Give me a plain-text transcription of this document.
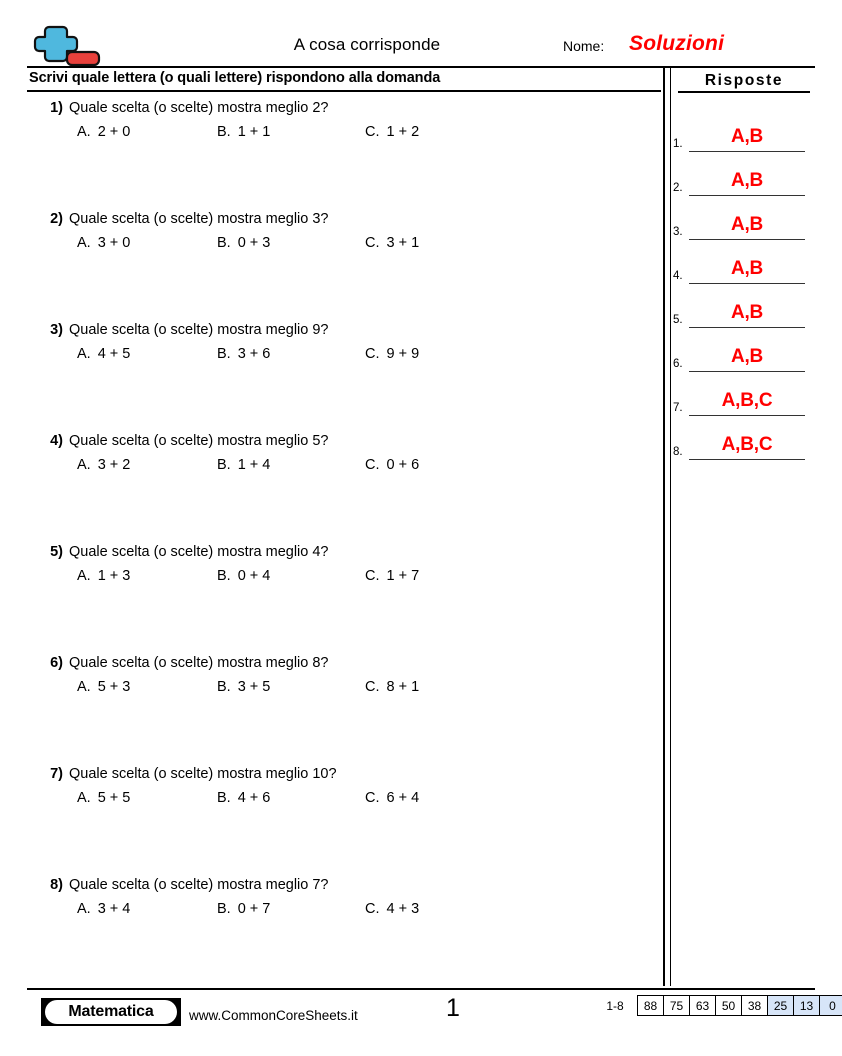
A cosa corrisponde	Nome: Soluzioni
Scrivi quale lettera (o quali lettere) rispondono alla domanda
1) Quale scelta (o scelte) mostra meglio 2?
A. 2 + 0	B. 1 + 1	C. 1 + 2
2) Quale scelta (o scelte) mostra meglio 3?
A. 3 + 0	B. 0 + 3	C. 3 + 1
3) Quale scelta (o scelte) mostra meglio 9?
A. 4 + 5	B. 3 + 6	C. 9 + 9
4) Quale scelta (o scelte) mostra meglio 5?
A. 3 + 2	B. 1 + 4	C. 0 + 6
5) Quale scelta (o scelte) mostra meglio 4?
A. 1 + 3	B. 0 + 4	C. 1 + 7
6) Quale scelta (o scelte) mostra meglio 8?
A. 5 + 3	B. 3 + 5	C. 8 + 1
7) Quale scelta (o scelte) mostra meglio 10?
A. 5 + 5	B. 4 + 6	C. 6 + 4
8) Quale scelta (o scelte) mostra meglio 7?
A. 3 + 4	B. 0 + 7	C. 4 + 3
Risposte
1.	A,B
2.	A,B
3.	A,B
4.	A,B
5.	A,B
6.	A,B
7.	A,B,C
8.	A,B,C
1
Matematica	www.CommonCoreSheets.it
1-8	88	75	63	50	38	25	13	0
